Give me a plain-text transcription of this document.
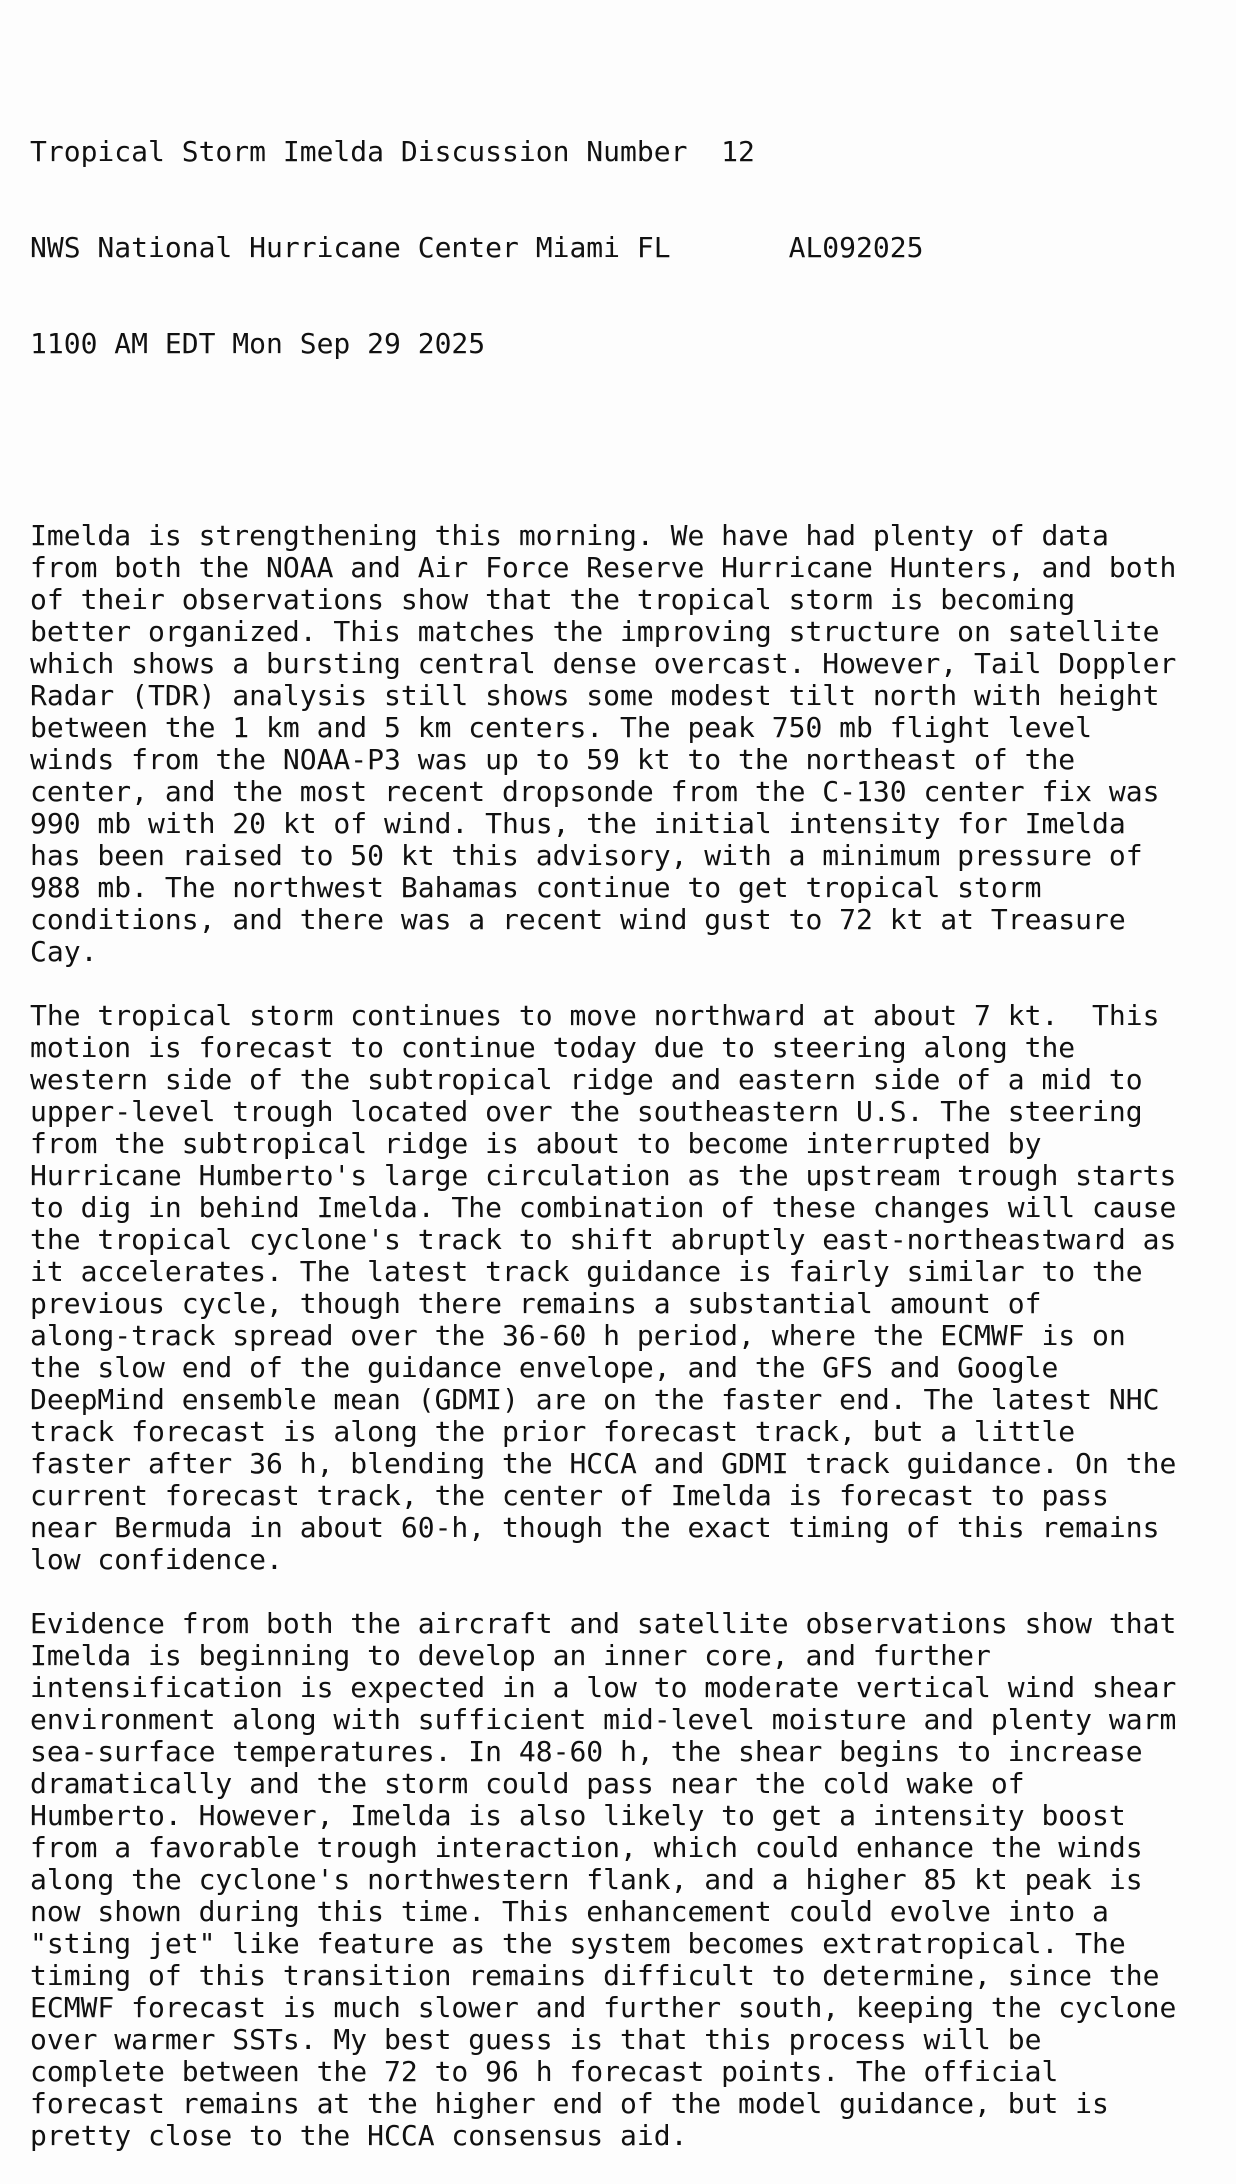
Tropical Storm Imelda Discussion Number  12

NWS National Hurricane Center Miami FL       AL092025

1100 AM EDT Mon Sep 29 2025

Imelda is strengthening this morning. We have had plenty of data
from both the NOAA and Air Force Reserve Hurricane Hunters, and both
of their observations show that the tropical storm is becoming
better organized. This matches the improving structure on satellite
which shows a bursting central dense overcast. However, Tail Doppler
Radar (TDR) analysis still shows some modest tilt north with height
between the 1 km and 5 km centers. The peak 750 mb flight level
winds from the NOAA-P3 was up to 59 kt to the northeast of the
center, and the most recent dropsonde from the C-130 center fix was
990 mb with 20 kt of wind. Thus, the initial intensity for Imelda
has been raised to 50 kt this advisory, with a minimum pressure of
988 mb. The northwest Bahamas continue to get tropical storm
conditions, and there was a recent wind gust to 72 kt at Treasure
Cay.
The tropical storm continues to move northward at about 7 kt.  This
motion is forecast to continue today due to steering along the
western side of the subtropical ridge and eastern side of a mid to
upper-level trough located over the southeastern U.S. The steering
from the subtropical ridge is about to become interrupted by
Hurricane Humberto's large circulation as the upstream trough starts
to dig in behind Imelda. The combination of these changes will cause
the tropical cyclone's track to shift abruptly east-northeastward as
it accelerates. The latest track guidance is fairly similar to the
previous cycle, though there remains a substantial amount of
along-track spread over the 36-60 h period, where the ECMWF is on
the slow end of the guidance envelope, and the GFS and Google
DeepMind ensemble mean (GDMI) are on the faster end. The latest NHC
track forecast is along the prior forecast track, but a little
faster after 36 h, blending the HCCA and GDMI track guidance. On the
current forecast track, the center of Imelda is forecast to pass
near Bermuda in about 60-h, though the exact timing of this remains
low confidence.
Evidence from both the aircraft and satellite observations show that
Imelda is beginning to develop an inner core, and further
intensification is expected in a low to moderate vertical wind shear
environment along with sufficient mid-level moisture and plenty warm
sea-surface temperatures. In 48-60 h, the shear begins to increase
dramatically and the storm could pass near the cold wake of
Humberto. However, Imelda is also likely to get a intensity boost
from a favorable trough interaction, which could enhance the winds
along the cyclone's northwestern flank, and a higher 85 kt peak is
now shown during this time. This enhancement could evolve into a
"sting jet" like feature as the system becomes extratropical. The
timing of this transition remains difficult to determine, since the
ECMWF forecast is much slower and further south, keeping the cyclone
over warmer SSTs. My best guess is that this process will be
complete between the 72 to 96 h forecast points. The official
forecast remains at the higher end of the model guidance, but is
pretty close to the HCCA consensus aid.
